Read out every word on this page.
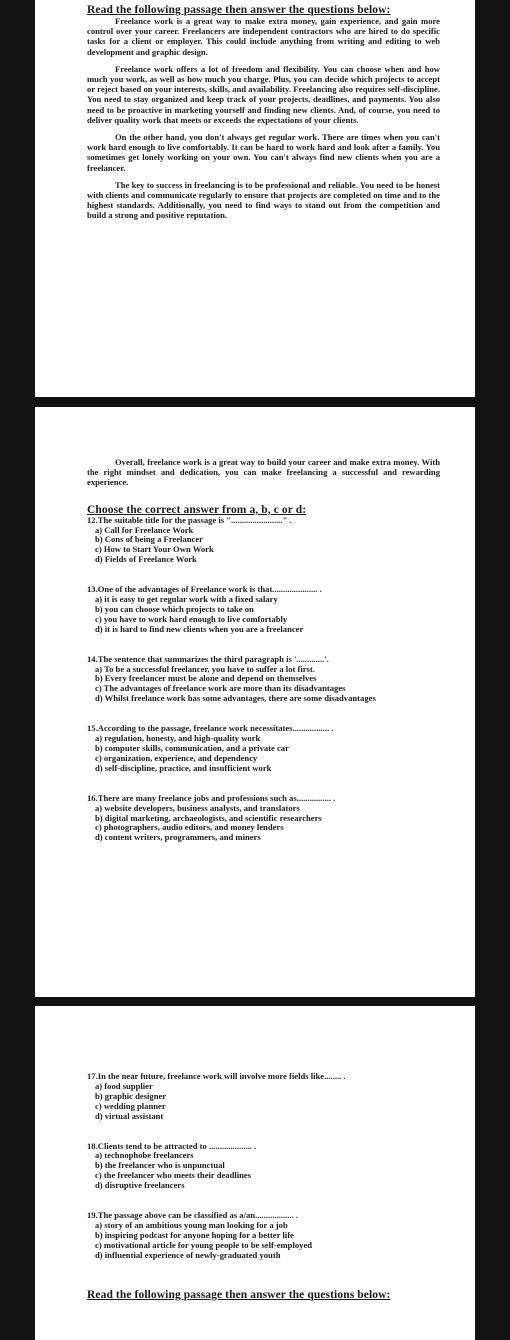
Read the following passage then answer the questions below:

Freelance work is a great way to make extra money, gain experience, and gain more control over your career. Freelancers are independent contractors who are hired to do specific tasks for a client or employer. This could include anything from writing and editing to web development and graphic design.

Freelance work offers a lot of freedom and flexibility. You can choose when and how much you work, as well as how much you charge. Plus, you can decide which projects to accept or reject based on your interests, skills, and availability. Freelancing also requires self-discipline. You need to stay organized and keep track of your projects, deadlines, and payments. You also need to be proactive in marketing yourself and finding new clients. And, of course, you need to deliver quality work that meets or exceeds the expectations of your clients.

On the other hand, you don't always get regular work. There are times when you can't work hard enough to live comfortably. It can be hard to work hard and look after a family. You sometimes get lonely working on your own. You can't always find new clients when you are a freelancer.

The key to success in freelancing is to be professional and reliable. You need to be honest with clients and communicate regularly to ensure that projects are completed on time and to the highest standards. Additionally, you need to find ways to stand out from the competition and build a strong and positive reputation.

Overall, freelance work is a great way to build your career and make extra money. With the right mindset and dedication, you can make freelancing a successful and rewarding experience.

Choose the correct answer from a, b, c or d:

12.The suitable title for the passage is "........................" .

a) Call for Freelance Work

b) Cons of being a Freelancer

c) How to Start Your Own Work

d) Fields of Freelance Work

13.One of the advantages of Freelance work is that..................... .

a) it is easy to get regular work with a fixed salary

b) you can choose which projects to take on

c) you have to work hard enough to live comfortably

d) it is hard to find new clients when you are a freelancer

14.The sentence that summarizes the third paragraph is '.............'.

a) To be a successful freelancer, you have to suffer a lot first.

b) Every freelancer must be alone and depend on themselves

c) The advantages of freelance work are more than its disadvantages

d) Whilst freelance work has some advantages, there are some disadvantages

15.According to the passage, freelance work necessitates................. .

a) regulation, honesty, and high-quality work

b) computer skills, communication, and a private car

c) organization, experience, and dependency

d) self-discipline, practice, and insufficient work

16.There are many freelance jobs and professions such as................ .

a) website developers, business analysts, and translators

b) digital marketing, archaeologists, and scientific researchers

c) photographers, audio editors, and money lenders

d) content writers, programmers, and miners

17.In the near future, freelance work will involve more fields like........ .

a) food supplier

b) graphic designer

c) wedding planner

d) virtual assistant

18.Clients tend to be attracted to .................... .

a) technophobe freelancers

b) the freelancer who is unpunctual

c) the freelancer who meets their deadlines

d) disruptive freelancers

19.The passage above can be classified as a/an.................. .

a) story of an ambitious young man looking for a job

b) inspiring podcast for anyone hoping for a better life

c) motivational article for young people to be self-employed

d) influential experience of newly-graduated youth

Read the following passage then answer the questions below:
